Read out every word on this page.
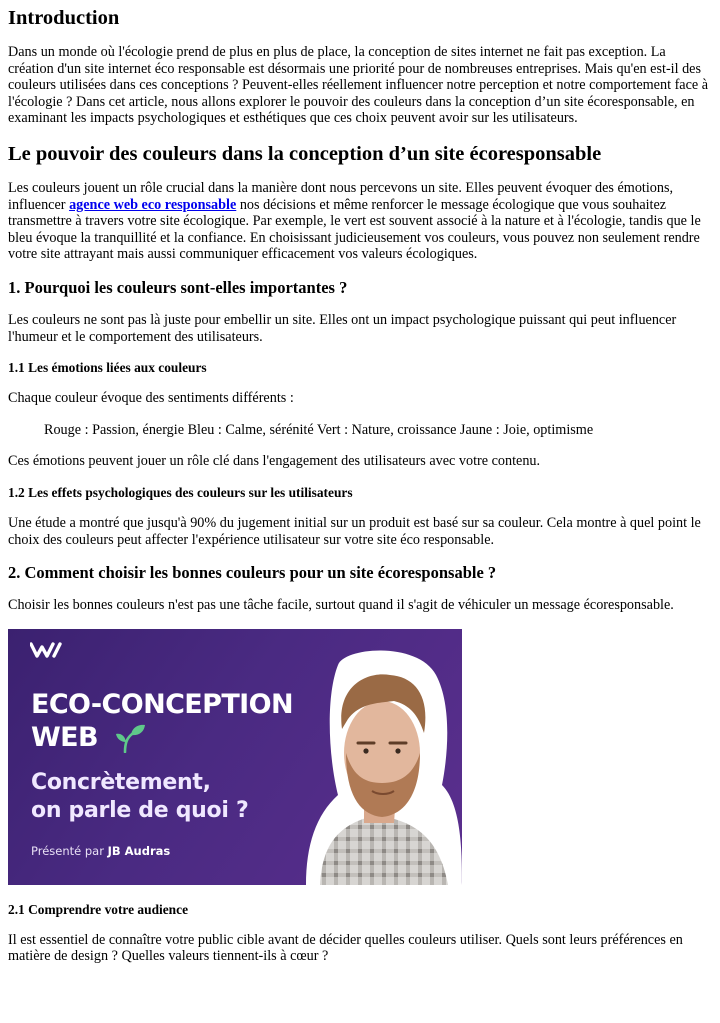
Introduction

Dans un monde où l'écologie prend de plus en plus de place, la conception de sites internet ne fait pas exception. La création d'un site internet éco responsable est désormais une priorité pour de nombreuses entreprises. Mais qu'en est-il des couleurs utilisées dans ces conceptions ? Peuvent-elles réellement influencer notre perception et notre comportement face à l'écologie ? Dans cet article, nous allons explorer le pouvoir des couleurs dans la conception d’un site écoresponsable, en examinant les impacts psychologiques et esthétiques que ces choix peuvent avoir sur les utilisateurs.

Le pouvoir des couleurs dans la conception d’un site écoresponsable

Les couleurs jouent un rôle crucial dans la manière dont nous percevons un site. Elles peuvent évoquer des émotions, influencer agence web eco responsable nos décisions et même renforcer le message écologique que vous souhaitez transmettre à travers votre site écologique. Par exemple, le vert est souvent associé à la nature et à l'écologie, tandis que le bleu évoque la tranquillité et la confiance. En choisissant judicieusement vos couleurs, vous pouvez non seulement rendre votre site attrayant mais aussi communiquer efficacement vos valeurs écologiques.

1. Pourquoi les couleurs sont-elles importantes ?

Les couleurs ne sont pas là juste pour embellir un site. Elles ont un impact psychologique puissant qui peut influencer l'humeur et le comportement des utilisateurs.

1.1 Les émotions liées aux couleurs

Chaque couleur évoque des sentiments différents :

Rouge : Passion, énergie Bleu : Calme, sérénité Vert : Nature, croissance Jaune : Joie, optimisme

Ces émotions peuvent jouer un rôle clé dans l'engagement des utilisateurs avec votre contenu.

1.2 Les effets psychologiques des couleurs sur les utilisateurs

Une étude a montré que jusqu'à 90% du jugement initial sur un produit est basé sur sa couleur. Cela montre à quel point le choix des couleurs peut affecter l'expérience utilisateur sur votre site éco responsable.

2. Comment choisir les bonnes couleurs pour un site écoresponsable ?

Choisir les bonnes couleurs n'est pas une tâche facile, surtout quand il s'agit de véhiculer un message écoresponsable.

ECO-CONCEPTION
WEB
Concrètement,
on parle de quoi ?
Présenté par JB Audras
2.1 Comprendre votre audience

Il est essentiel de connaître votre public cible avant de décider quelles couleurs utiliser. Quels sont leurs préférences en matière de design ? Quelles valeurs tiennent-ils à cœur ?
